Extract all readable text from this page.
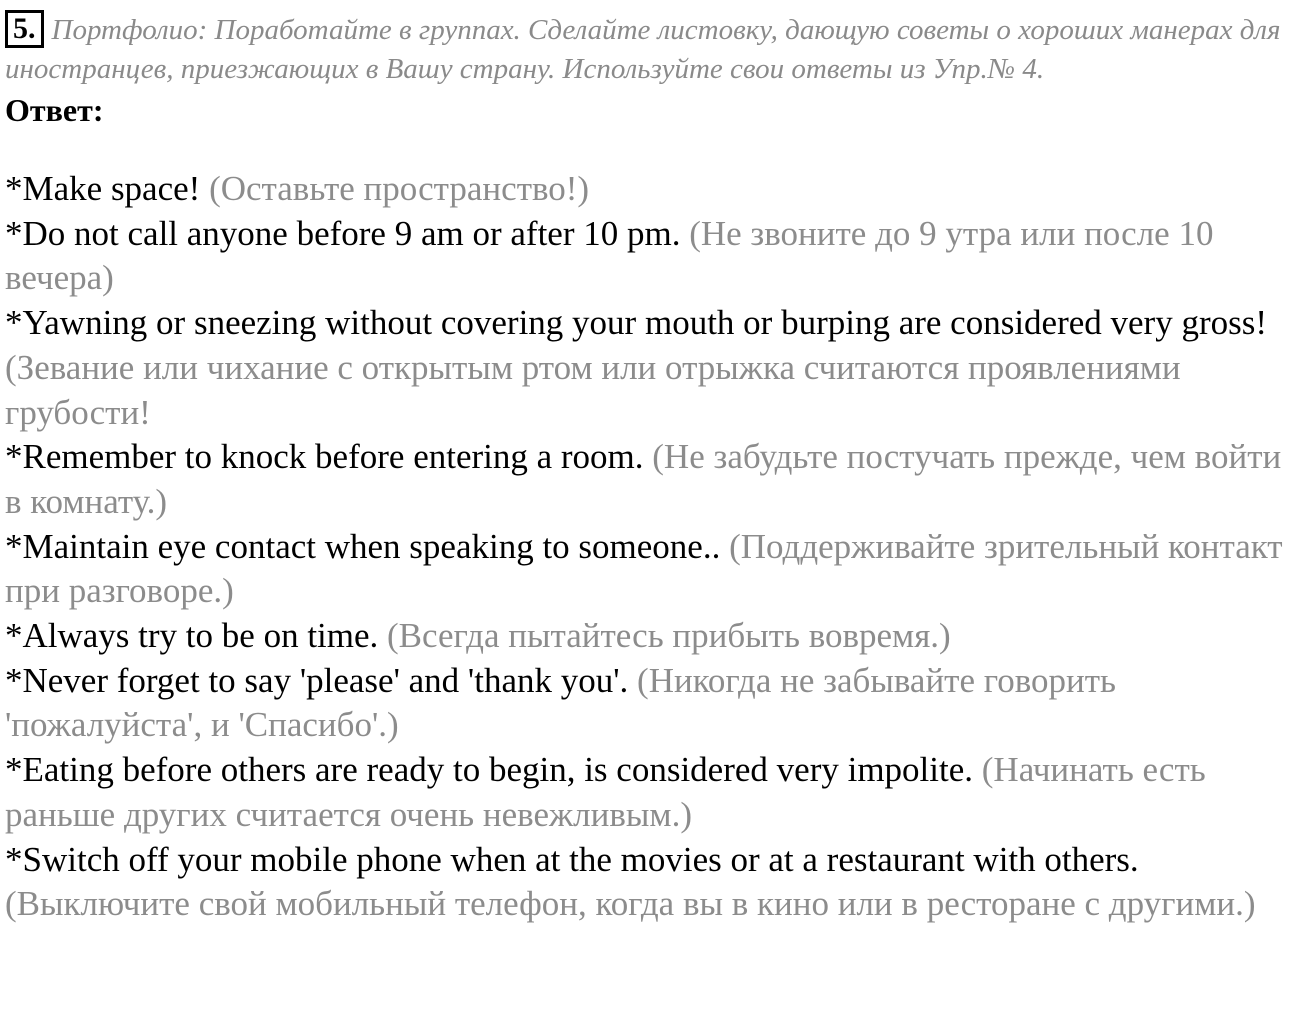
5. Портфолио: Поработайте в группах. Сделайте листовку, дающую советы о хороших манерах для иностранцев, приезжающих в Вашу страну. Используйте свои ответы из Упр.№ 4.

Ответ:
*Make space! (Оставьте пространство!)
*Do not call anyone before 9 am or after 10 pm. (Не звоните до 9 утра или после 10 вечера)
*Yawning or sneezing without covering your mouth or burping are considered very gross! (Зевание или чихание с открытым ртом или отрыжка считаются проявлениями грубости!
*Remember to knock before entering a room. (Не забудьте постучать прежде, чем войти в комнату.)
*Maintain eye contact when speaking to someone.. (Поддерживайте зрительный контакт при разговоре.)
*Always try to be on time. (Всегда пытайтесь прибыть вовремя.)
*Never forget to say 'please' and 'thank you'. (Никогда не забывайте говорить 'пожалуйста', и 'Спасибо'.)
*Eating before others are ready to begin, is considered very impolite. (Начинать есть раньше других считается очень невежливым.)
*Switch off your mobile phone when at the movies or at a restaurant with others. (Выключите свой мобильный телефон, когда вы в кино или в ресторане с другими.)
